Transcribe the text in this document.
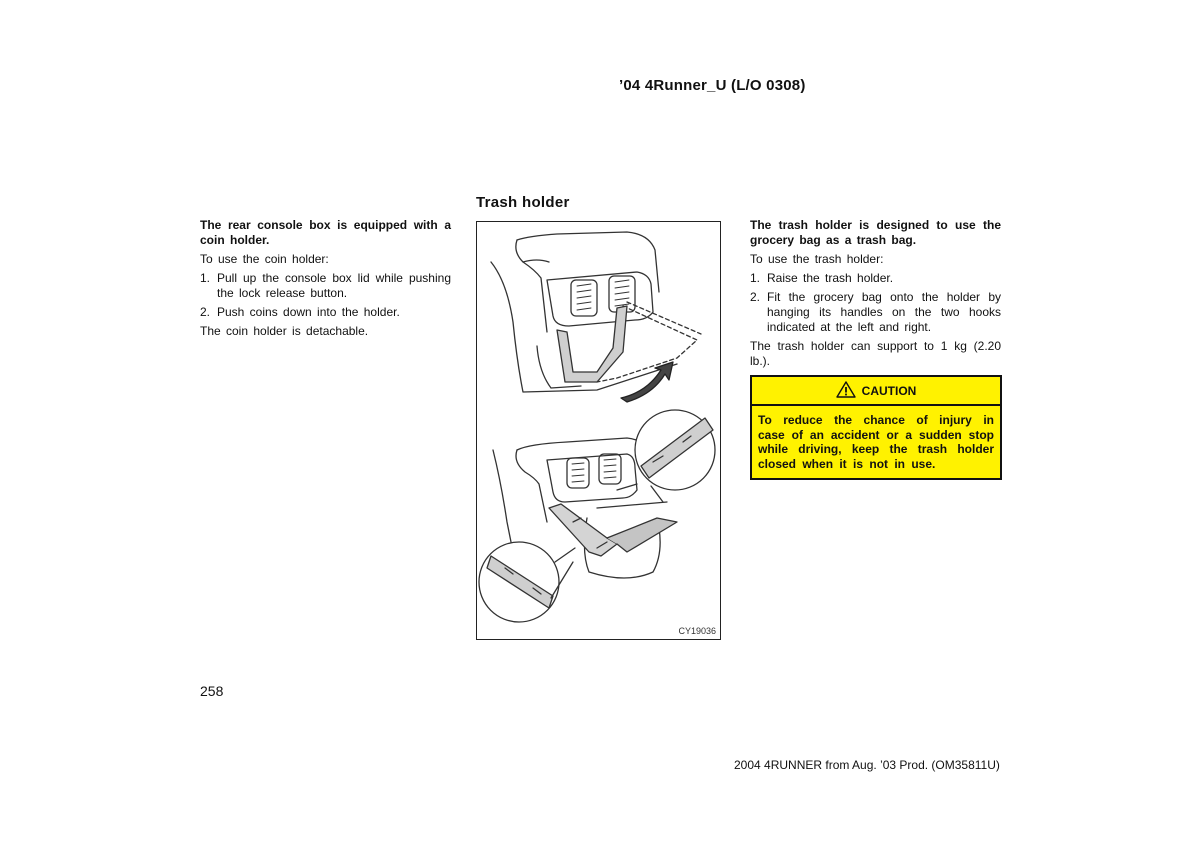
’04 4Runner_U (L/O 0308)

The rear console box is equipped with a coin holder.

To use the coin holder:

1. Pull up the console box lid while pushing the lock release button.
2. Push coins down into the holder.

The coin holder is detachable.

Trash holder
CY19036

The trash holder is designed to use the grocery bag as a trash bag.

To use the trash holder:

1. Raise the trash holder.
2. Fit the grocery bag onto the holder by hanging its handles on the two hooks indicated at the left and right.

The trash holder can support to 1 kg (2.20 lb.).

CAUTION
To reduce the chance of injury in case of an accident or a sudden stop while driving, keep the trash holder closed when it is not in use.
258
2004 4RUNNER from Aug. ’03 Prod. (OM35811U)
